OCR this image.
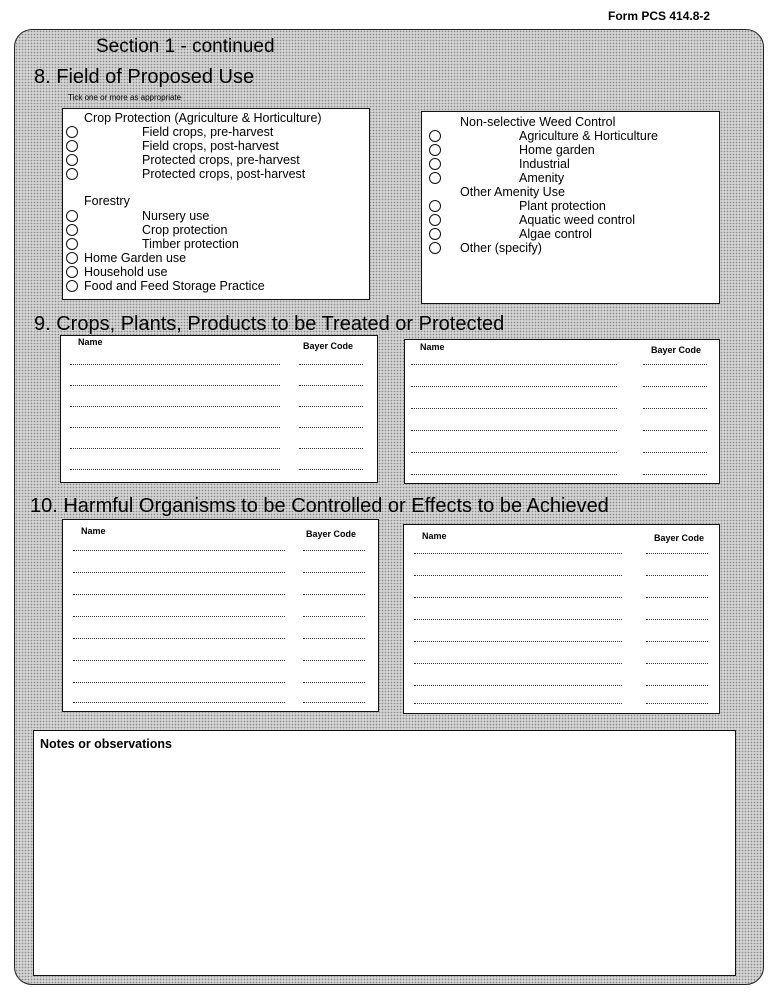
Form PCS 414.8-2
Section 1 - continued
8. Field of Proposed Use
Tick one or more as appropriate
Crop Protection (Agriculture & Horticulture)
Field crops, pre-harvest
Field crops, post-harvest
Protected crops, pre-harvest
Protected crops, post-harvest
Forestry
Nursery use
Crop protection
Timber protection
Home Garden use
Household use
Food and Feed Storage Practice
Non-selective Weed Control
Agriculture & Horticulture
Home garden
Industrial
Amenity
Other Amenity Use
Plant protection
Aquatic weed control
Algae control
Other (specify)
9. Crops, Plants, Products to be Treated or Protected
Name	Bayer Code	Name	Bayer Code
10. Harmful Organisms to be Controlled or Effects to be Achieved
Name	Bayer Code	Name	Bayer Code
Notes or observations
